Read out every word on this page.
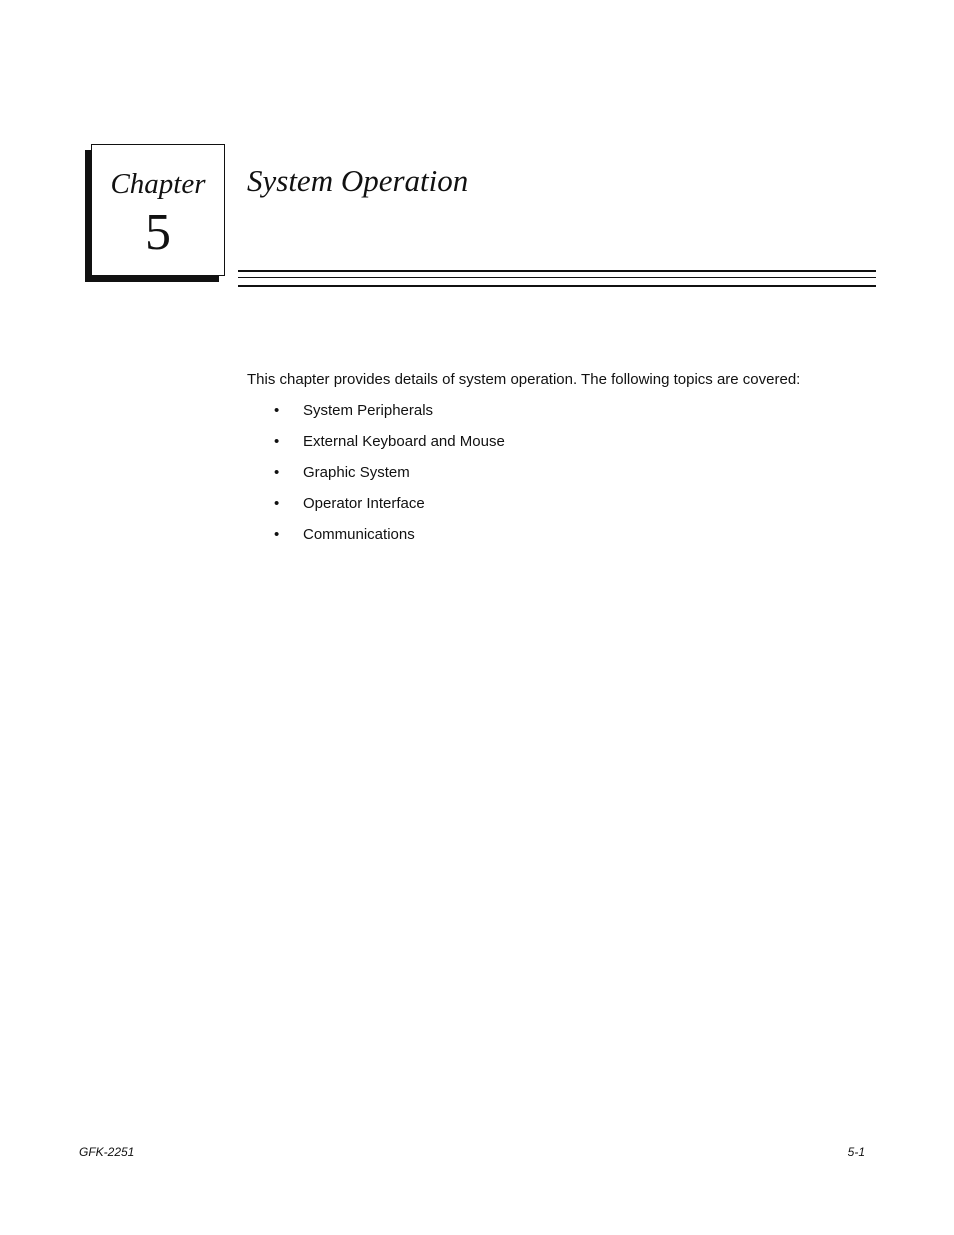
Chapter
5
System Operation

This chapter provides details of system operation. The following topics are covered:

• System Peripherals
• External Keyboard and Mouse
• Graphic System
• Operator Interface
• Communications
GFK-2251	5-1
